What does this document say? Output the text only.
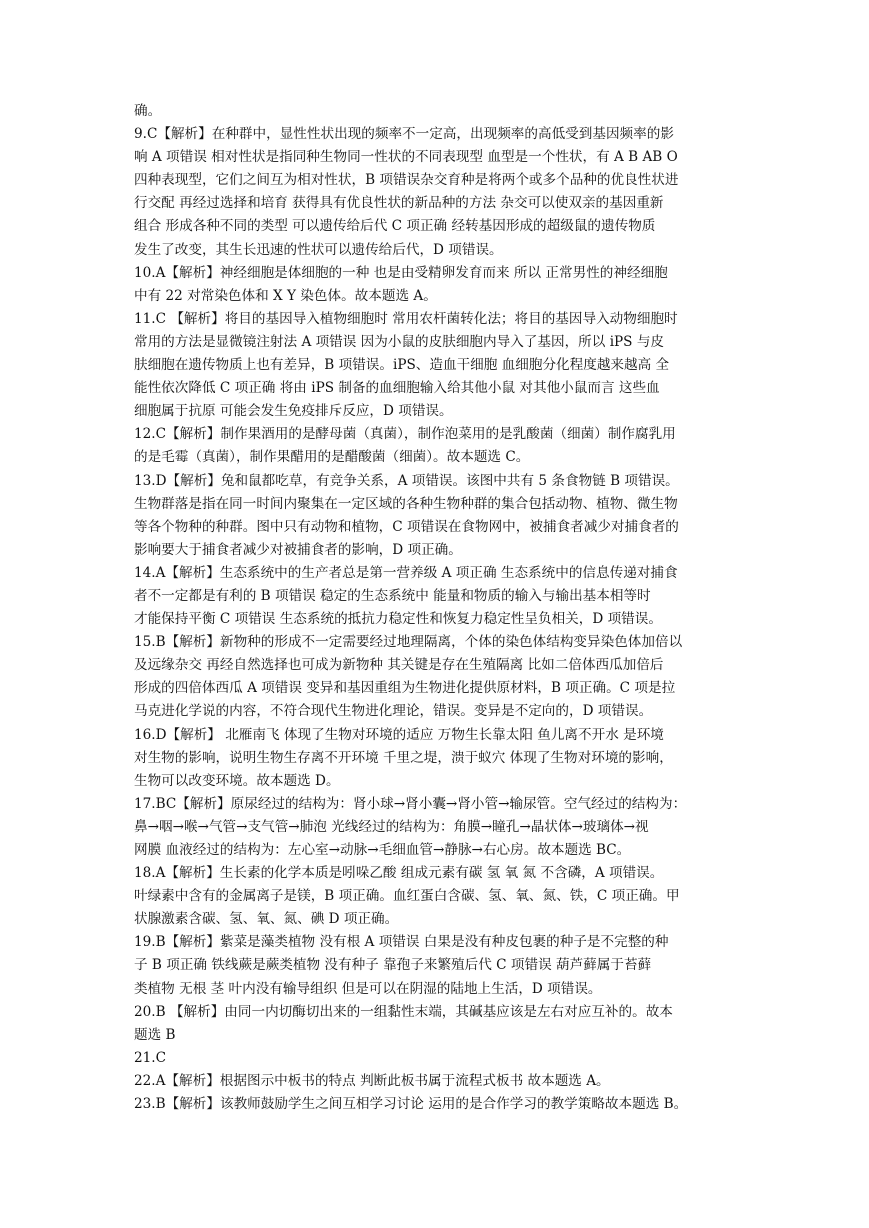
确。
9.C【解析】在种群中，显性性状出现的频率不一定高，出现频率的高低受到基因频率的影
响 A 项错误 相对性状是指同种生物同一性状的不同表现型 血型是一个性状，有 A B AB O
四种表现型，它们之间互为相对性状，B 项错误杂交育种是将两个或多个品种的优良性状进
行交配 再经过选择和培育 获得具有优良性状的新品种的方法 杂交可以使双亲的基因重新
组合 形成各种不同的类型 可以遗传给后代 C 项正确 经转基因形成的超级鼠的遗传物质
发生了改变，其生长迅速的性状可以遗传给后代，D 项错误。
10.A【解析】神经细胞是体细胞的一种 也是由受精卵发育而来 所以 正常男性的神经细胞
中有 22 对常染色体和 X Y 染色体。故本题选 A。
11.C 【解析】将目的基因导入植物细胞时 常用农杆菌转化法；将目的基因导入动物细胞时
常用的方法是显微镜注射法 A 项错误 因为小鼠的皮肤细胞内导入了基因，所以 iPS 与皮
肤细胞在遗传物质上也有差异，B 项错误。iPS、造血干细胞 血细胞分化程度越来越高 全
能性依次降低 C 项正确 将由 iPS 制备的血细胞输入给其他小鼠 对其他小鼠而言 这些血
细胞属于抗原 可能会发生免疫排斥反应，D 项错误。
12.C【解析】制作果酒用的是酵母菌（真菌），制作泡菜用的是乳酸菌（细菌）制作腐乳用
的是毛霉（真菌），制作果醋用的是醋酸菌（细菌）。故本题选 C。
13.D【解析】兔和鼠都吃草，有竞争关系，A 项错误。该图中共有 5 条食物链 B 项错误。
生物群落是指在同一时间内聚集在一定区域的各种生物种群的集合包括动物、植物、微生物
等各个物种的种群。图中只有动物和植物，C 项错误在食物网中，被捕食者减少对捕食者的
影响要大于捕食者减少对被捕食者的影响，D 项正确。
14.A【解析】生态系统中的生产者总是第一营养级 A 项正确 生态系统中的信息传递对捕食
者不一定都是有利的 B 项错误 稳定的生态系统中 能量和物质的输入与输出基本相等时
才能保持平衡 C 项错误 生态系统的抵抗力稳定性和恢复力稳定性呈负相关，D 项错误。
15.B【解析】新物种的形成不一定需要经过地理隔离，个体的染色体结构变异染色体加倍以
及远缘杂交 再经自然选择也可成为新物种 其关键是存在生殖隔离 比如二倍体西瓜加倍后
形成的四倍体西瓜 A 项错误 变异和基因重组为生物进化提供原材料，B 项正确。C 项是拉
马克进化学说的内容，不符合现代生物进化理论，错误。变异是不定向的，D 项错误。
16.D【解析】 北雁南飞 体现了生物对环境的适应 万物生长靠太阳 鱼儿离不开水 是环境
对生物的影响，说明生物生存离不开环境 千里之堤，溃于蚁穴 体现了生物对环境的影响，
生物可以改变环境。故本题选 D。
17.BC【解析】原尿经过的结构为：肾小球→肾小囊→肾小管→输尿管。空气经过的结构为：
鼻→咽→喉→气管→支气管→肺泡 光线经过的结构为：角膜→瞳孔→晶状体→玻璃体→视
网膜 血液经过的结构为：左心室→动脉→毛细血管→静脉→右心房。故本题选 BC。
18.A【解析】生长素的化学本质是吲哚乙酸 组成元素有碳 氢 氧 氮 不含磷，A 项错误。
叶绿素中含有的金属离子是镁，B 项正确。血红蛋白含碳、氢、氧、氮、铁，C 项正确。甲
状腺激素含碳、氢、氧、氮、碘 D 项正确。
19.B【解析】紫菜是藻类植物 没有根 A 项错误 白果是没有种皮包裹的种子是不完整的种
子 B 项正确 铁线蕨是蕨类植物 没有种子 靠孢子来繁殖后代 C 项错误 葫芦藓属于苔藓
类植物 无根 茎 叶内没有输导组织 但是可以在阴湿的陆地上生活，D 项错误。
20.B 【解析】由同一内切酶切出来的一组黏性末端，其碱基应该是左右对应互补的。故本
题选 B
21.C
22.A【解析】根据图示中板书的特点 判断此板书属于流程式板书 故本题选 A。
23.B【解析】该教师鼓励学生之间互相学习讨论 运用的是合作学习的教学策略故本题选 B。
